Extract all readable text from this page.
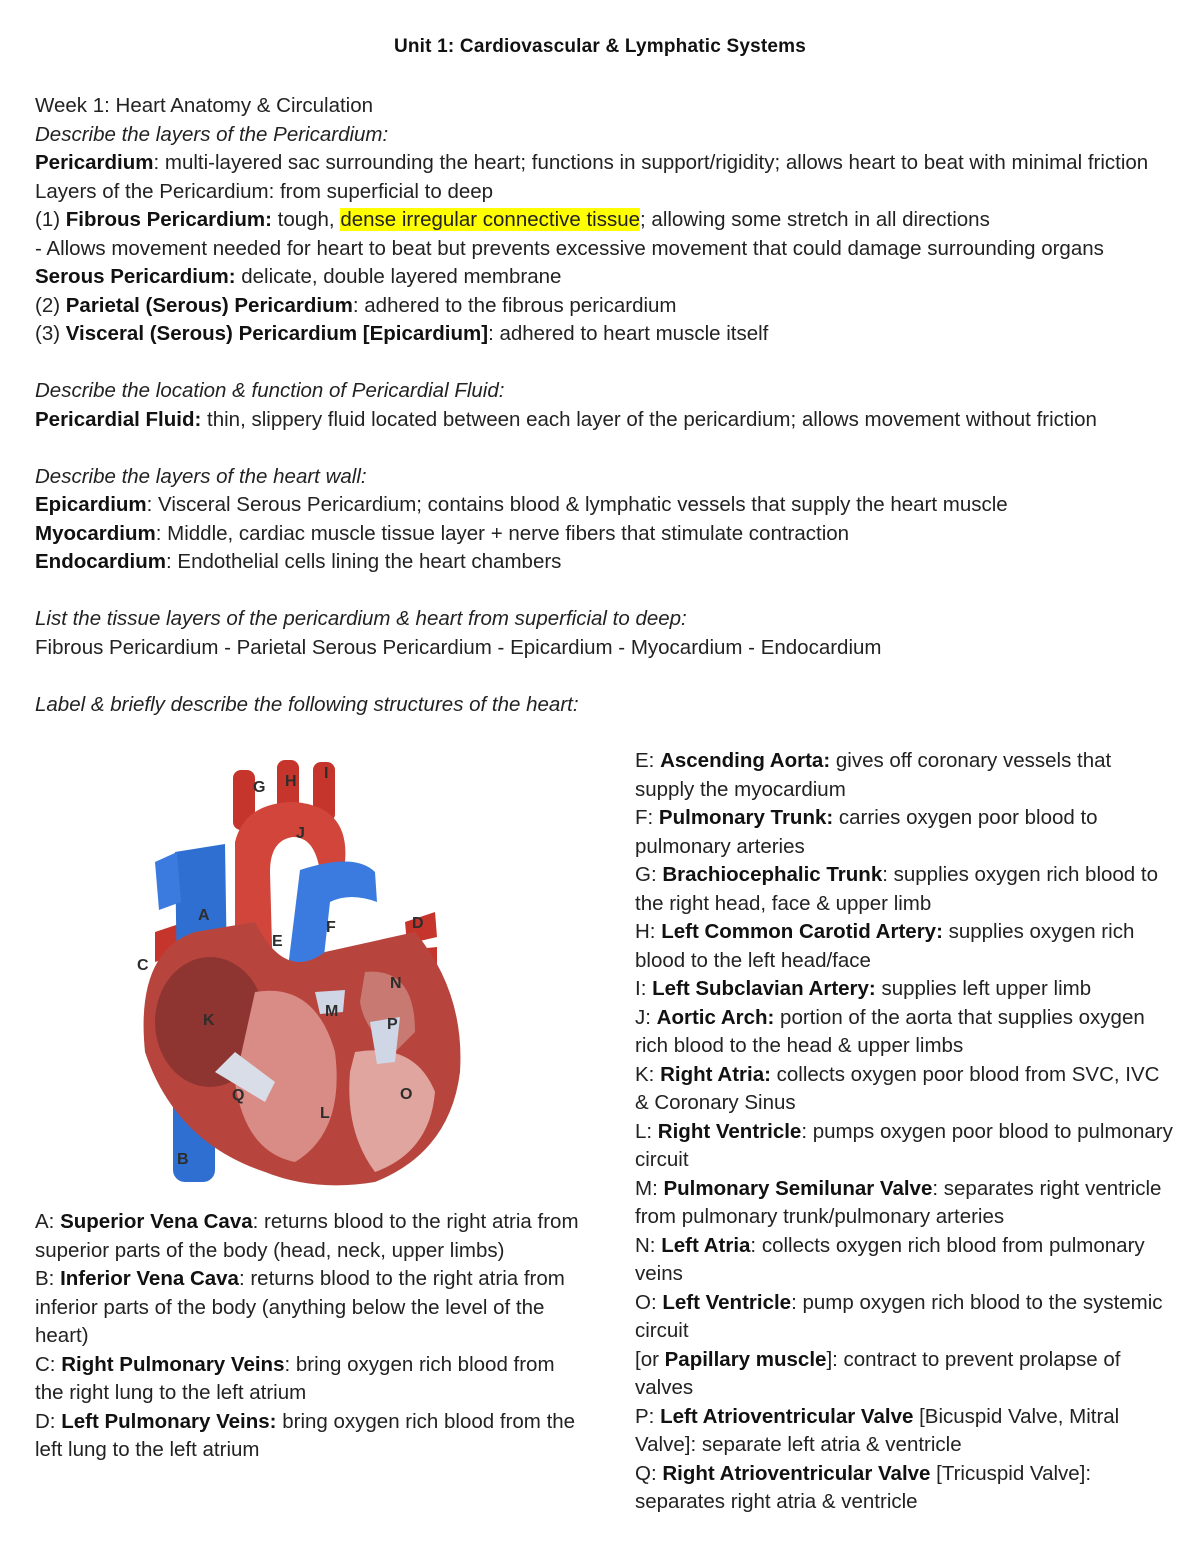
Unit 1: Cardiovascular & Lymphatic Systems
Week 1: Heart Anatomy & Circulation
Describe the layers of the Pericardium:
Pericardium: multi-layered sac surrounding the heart; functions in support/rigidity; allows heart to beat with minimal friction
Layers of the Pericardium: from superficial to deep
(1) Fibrous Pericardium: tough, dense irregular connective tissue; allowing some stretch in all directions
- Allows movement needed for heart to beat but prevents excessive movement that could damage surrounding organs
Serous Pericardium: delicate, double layered membrane
(2) Parietal (Serous) Pericardium: adhered to the fibrous pericardium
(3) Visceral (Serous) Pericardium [Epicardium]: adhered to heart muscle itself
Describe the location & function of Pericardial Fluid:
Pericardial Fluid: thin, slippery fluid located between each layer of the pericardium; allows movement without friction
Describe the layers of the heart wall:
Epicardium: Visceral Serous Pericardium; contains blood & lymphatic vessels that supply the heart muscle
Myocardium: Middle, cardiac muscle tissue layer + nerve fibers that stimulate contraction
Endocardium: Endothelial cells lining the heart chambers
List the tissue layers of the pericardium & heart from superficial to deep:
Fibrous Pericardium - Parietal Serous Pericardium - Epicardium - Myocardium - Endocardium
Label & briefly describe the following structures of the heart:
A
B
C
D
E
F
G H I
J
K
L
M
N
O
P
Q
A: Superior Vena Cava: returns blood to the right atria from superior parts of the body (head, neck, upper limbs)
B: Inferior Vena Cava: returns blood to the right atria from inferior parts of the body (anything below the level of the heart)
C: Right Pulmonary Veins: bring oxygen rich blood from the right lung to the left atrium
D: Left Pulmonary Veins: bring oxygen rich blood from the left lung to the left atrium
E: Ascending Aorta: gives off coronary vessels that supply the myocardium
F: Pulmonary Trunk: carries oxygen poor blood to pulmonary arteries
G: Brachiocephalic Trunk: supplies oxygen rich blood to the right head, face & upper limb
H: Left Common Carotid Artery: supplies oxygen rich blood to the left head/face
I: Left Subclavian Artery: supplies left upper limb
J: Aortic Arch: portion of the aorta that supplies oxygen rich blood to the head & upper limbs
K: Right Atria: collects oxygen poor blood from SVC, IVC & Coronary Sinus
L: Right Ventricle: pumps oxygen poor blood to pulmonary circuit
M: Pulmonary Semilunar Valve: separates right ventricle from pulmonary trunk/pulmonary arteries
N: Left Atria: collects oxygen rich blood from pulmonary veins
O: Left Ventricle: pump oxygen rich blood to the systemic circuit
[or Papillary muscle]: contract to prevent prolapse of valves
P: Left Atrioventricular Valve [Bicuspid Valve, Mitral Valve]: separate left atria & ventricle
Q: Right Atrioventricular Valve [Tricuspid Valve]: separates right atria & ventricle
